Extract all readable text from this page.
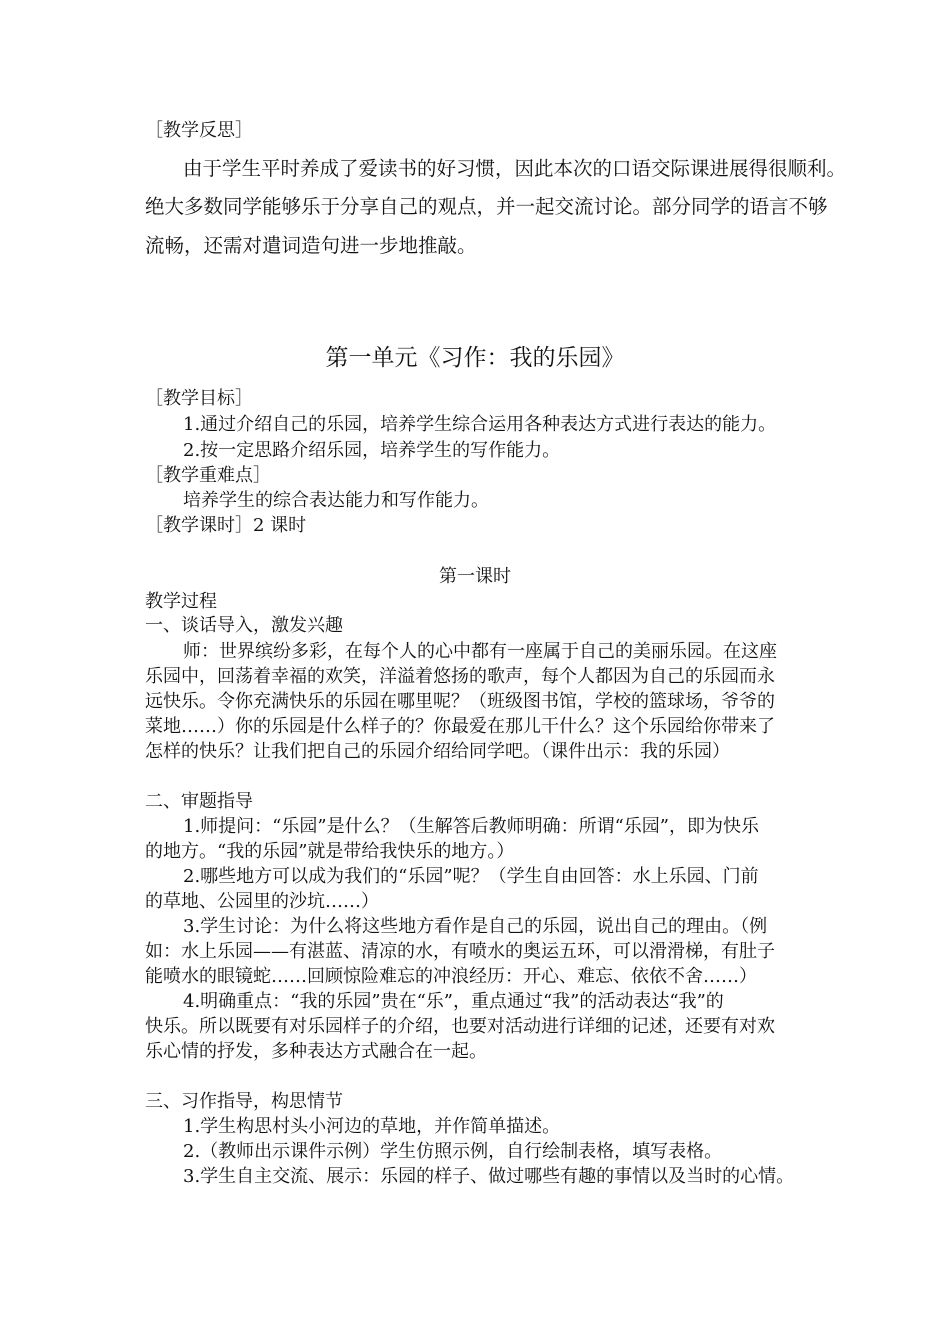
［教学反思］
由于学生平时养成了爱读书的好习惯，因此本次的口语交际课进展得很顺利。
绝大多数同学能够乐于分享自己的观点，并一起交流讨论。部分同学的语言不够
流畅，还需对遣词造句进一步地推敲。
第一单元《习作：我的乐园》
［教学目标］
1.通过介绍自己的乐园，培养学生综合运用各种表达方式进行表达的能力。
2.按一定思路介绍乐园，培养学生的写作能力。
［教学重难点］
培养学生的综合表达能力和写作能力。
［教学课时］2 课时
第一课时
教学过程
一、谈话导入，激发兴趣
师：世界缤纷多彩，在每个人的心中都有一座属于自己的美丽乐园。在这座
乐园中，回荡着幸福的欢笑，洋溢着悠扬的歌声，每个人都因为自己的乐园而永
远快乐。令你充满快乐的乐园在哪里呢？（班级图书馆，学校的篮球场，爷爷的
菜地……）你的乐园是什么样子的？你最爱在那儿干什么？这个乐园给你带来了
怎样的快乐？让我们把自己的乐园介绍给同学吧。（课件出示：我的乐园）
二、审题指导
1.师提问：“乐园”是什么？（生解答后教师明确：所谓“乐园”，即为快乐
的地方。“我的乐园”就是带给我快乐的地方。）
2.哪些地方可以成为我们的“乐园”呢？（学生自由回答：水上乐园、门前
的草地、公园里的沙坑……）
3.学生讨论：为什么将这些地方看作是自己的乐园，说出自己的理由。（例
如：水上乐园——有湛蓝、清凉的水，有喷水的奥运五环，可以滑滑梯，有肚子
能喷水的眼镜蛇……回顾惊险难忘的冲浪经历：开心、难忘、依依不舍……）
4.明确重点：“我的乐园”贵在“乐”，重点通过“我”的活动表达“我”的
快乐。所以既要有对乐园样子的介绍，也要对活动进行详细的记述，还要有对欢
乐心情的抒发，多种表达方式融合在一起。
三、习作指导，构思情节
1.学生构思村头小河边的草地，并作简单描述。
2.（教师出示课件示例）学生仿照示例，自行绘制表格，填写表格。
3.学生自主交流、展示：乐园的样子、做过哪些有趣的事情以及当时的心情。
